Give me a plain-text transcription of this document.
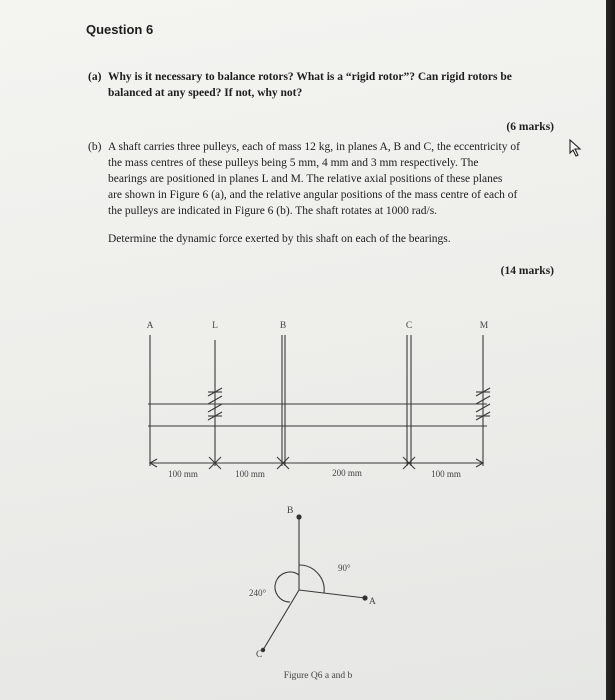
Question 6
(a) Why is it necessary to balance rotors? What is a “rigid rotor”? Can rigid rotors be
balanced at any speed? If not, why not?
(6 marks)
(b) A shaft carries three pulleys, each of mass 12 kg, in planes A, B and C, the eccentricity of
the mass centres of these pulleys being 5 mm, 4 mm and 3 mm respectively. The
bearings are positioned in planes L and M. The relative axial positions of these planes
are shown in Figure 6 (a), and the relative angular positions of the mass centre of each of
the pulleys are indicated in Figure 6 (b). The shaft rotates at 1000 rad/s.
Determine the dynamic force exerted by this shaft on each of the bearings.
(14 marks)
A	L	B	C	M
100 mm	100 mm	200 mm	100 mm
B
A
C
90°
240°
Figure Q6 a and b
